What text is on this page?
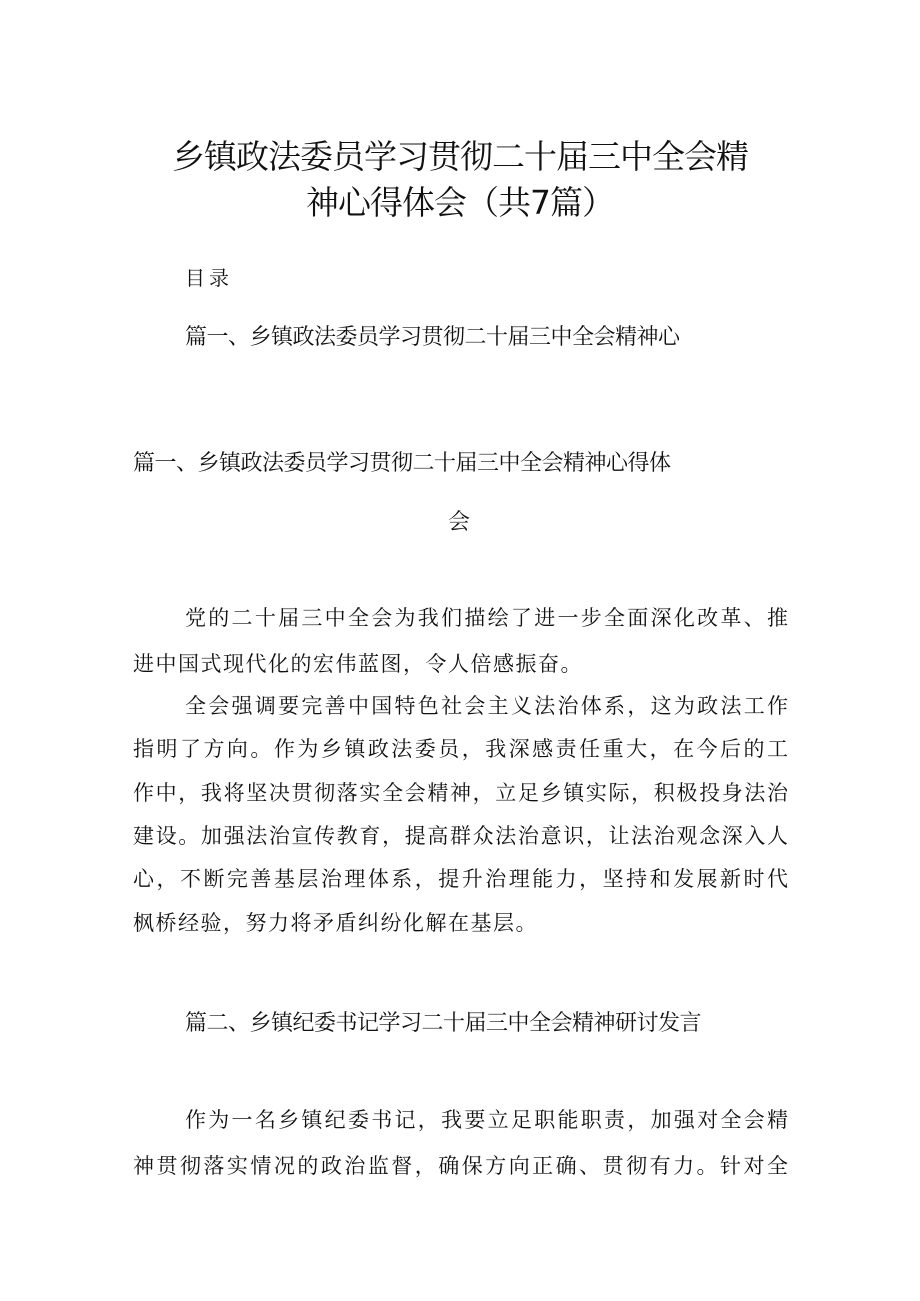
乡镇政法委员学习贯彻二十届三中全会精
神心得体会（共7篇）
目录
篇一、乡镇政法委员学习贯彻二十届三中全会精神心
篇一、乡镇政法委员学习贯彻二十届三中全会精神心得体
会
党的二十届三中全会为我们描绘了进一步全面深化改革、推
进中国式现代化的宏伟蓝图，令人倍感振奋。
全会强调要完善中国特色社会主义法治体系，这为政法工作
指明了方向。作为乡镇政法委员，我深感责任重大，在今后的工
作中，我将坚决贯彻落实全会精神，立足乡镇实际，积极投身法治
建设。加强法治宣传教育，提高群众法治意识，让法治观念深入人
心，不断完善基层治理体系，提升治理能力，坚持和发展新时代
枫桥经验，努力将矛盾纠纷化解在基层。
篇二、乡镇纪委书记学习二十届三中全会精神研讨发言
作为一名乡镇纪委书记，我要立足职能职责，加强对全会精
神贯彻落实情况的政治监督，确保方向正确、贯彻有力。针对全
